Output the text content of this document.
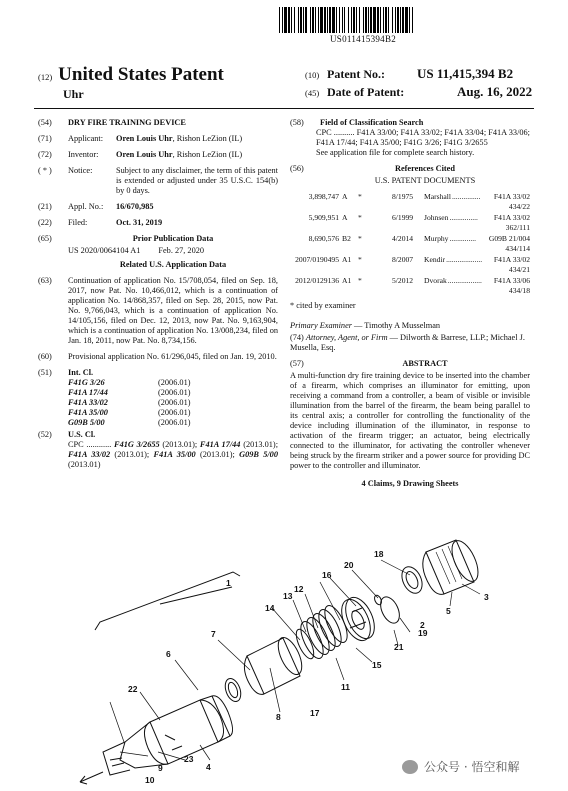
US011415394B2
(12) United States Patent
Uhr
(10) Patent No.:	US 11,415,394 B2
(45) Date of Patent:	Aug. 16, 2022
(54)	DRY FIRE TRAINING DEVICE
(71)	Applicant:	Oren Louis Uhr, Rishon LeZion (IL)
(72)	Inventor:	Oren Louis Uhr, Rishon LeZion (IL)
( * )	Notice:	Subject to any disclaimer, the term of this patent is extended or adjusted under 35 U.S.C. 154(b) by 0 days.
(21)	Appl. No.:	16/670,985
(22)	Filed:	Oct. 31, 2019
(65)	Prior Publication Data
US 2020/0064104 A1 Feb. 27, 2020
Related U.S. Application Data
(63)	Continuation of application No. 15/708,054, filed on Sep. 18, 2017, now Pat. No. 10,466,012, which is a continuation of application No. 14/868,357, filed on Sep. 28, 2015, now Pat. No. 9,766,043, which is a continuation of application No. 14/105,156, filed on Dec. 12, 2013, now Pat. No. 9,163,904, which is a continuation of application No. 13/008,234, filed on Jan. 18, 2011, now Pat. No. 8,734,156.
(60)	Provisional application No. 61/296,045, filed on Jan. 19, 2010.
(51)	Int. Cl.
F41G 3/26	(2006.01)
F41A 17/44	(2006.01)
F41A 33/02	(2006.01)
F41A 35/00	(2006.01)
G09B 5/00	(2006.01)
(52)	U.S. Cl.
CPC ............ F41G 3/2655 (2013.01); F41A 17/44 (2013.01); F41A 33/02 (2013.01); F41A 35/00 (2013.01); G09B 5/00 (2013.01)
(58)	Field of Classification Search
CPC .......... F41A 33/00; F41A 33/02; F41A 33/04; F41A 33/06; F41A 17/44; F41A 35/00; F41G 3/26; F41G 3/2655
See application file for complete search history.
(56)	References Cited
U.S. PATENT DOCUMENTS
3,898,747 A	*	8/1975	Marshall ...............	F41A 33/02
434/22
5,909,951 A	*	6/1999	Johnsen ...............	F41A 33/02
362/111
8,690,576 B2 *	4/2014	Murphy ..............	G09B 21/004
434/114
2007/0190495 A1 *	8/2007	Kendir ...................	F41A 33/02
434/21
2012/0129136 A1 *	5/2012	Dvorak ..................	F41A 33/06
434/18
* cited by examiner
Primary Examiner — Timothy A Musselman
(74) Attorney, Agent, or Firm — Dilworth & Barrese, LLP.; Michael J. Musella, Esq.
(57)	ABSTRACT
A multi-function dry fire training device to be inserted into the chamber of a firearm, which comprises an illuminator for emitting, upon receiving a command from a controller, a beam of visible or invisible illumination from the barrel of the firearm, the beam being parallel to its central axis; a controller for controlling the functionality of the device including illumination of the illuminator, in response to activation of the firearm trigger; an actuator, being electrically connected to the illuminator, for activating the controller whenever being struck by the firearm striker and a power source for providing DC power to the controller and illuminator.
4 Claims, 9 Drawing Sheets
1
2
3
4
5
6
7
8
9
10
11
12
13
14
15
16
17
18
19
20
21
22
23
公众号 · 悟空和解
